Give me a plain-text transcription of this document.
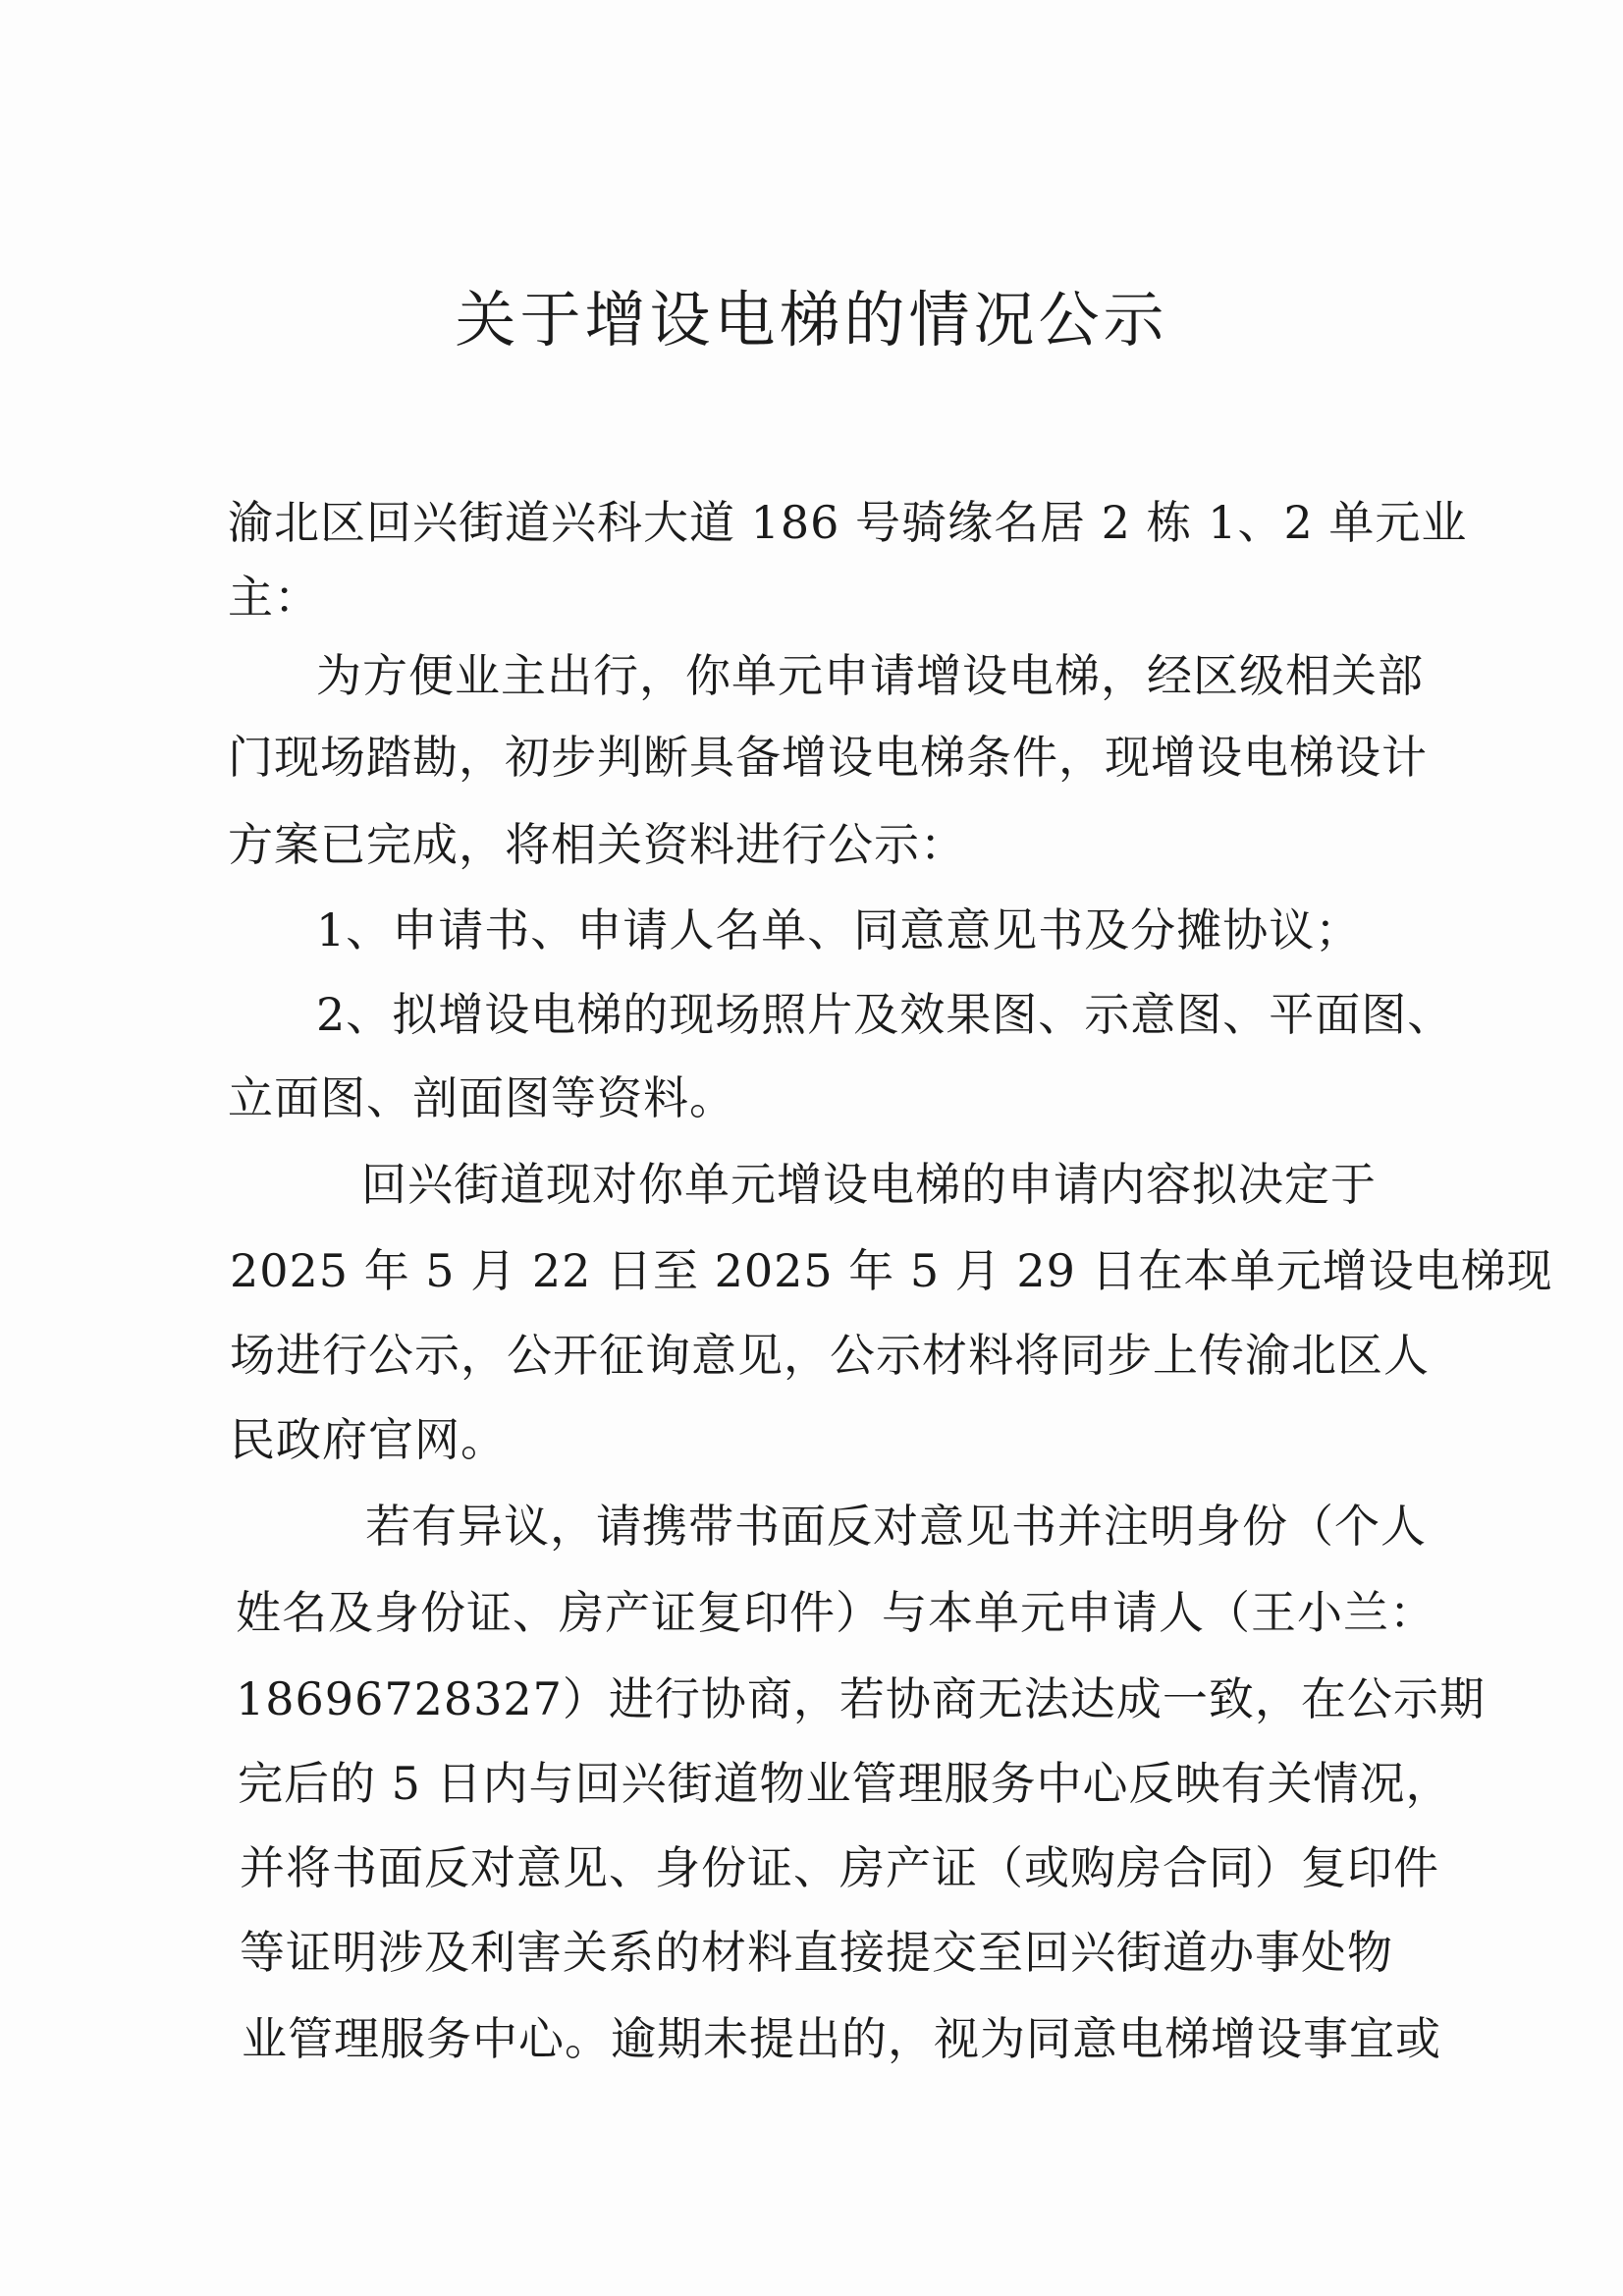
关于增设电梯的情况公示
渝北区回兴街道兴科大道 186 号骑缘名居 2 栋 1、2 单元业
主：
为方便业主出行，你单元申请增设电梯，经区级相关部
门现场踏勘，初步判断具备增设电梯条件，现增设电梯设计
方案已完成，将相关资料进行公示：
1、申请书、申请人名单、同意意见书及分摊协议；
2、拟增设电梯的现场照片及效果图、示意图、平面图、
立面图、剖面图等资料。
回兴街道现对你单元增设电梯的申请内容拟决定于
2025 年 5 月 22 日至 2025 年 5 月 29 日在本单元增设电梯现
场进行公示，公开征询意见，公示材料将同步上传渝北区人
民政府官网。
若有异议，请携带书面反对意见书并注明身份（个人
姓名及身份证、房产证复印件）与本单元申请人（王小兰：
18696728327）进行协商，若协商无法达成一致，在公示期
完后的 5 日内与回兴街道物业管理服务中心反映有关情况，
并将书面反对意见、身份证、房产证（或购房合同）复印件
等证明涉及利害关系的材料直接提交至回兴街道办事处物
业管理服务中心。逾期未提出的，视为同意电梯增设事宜或
